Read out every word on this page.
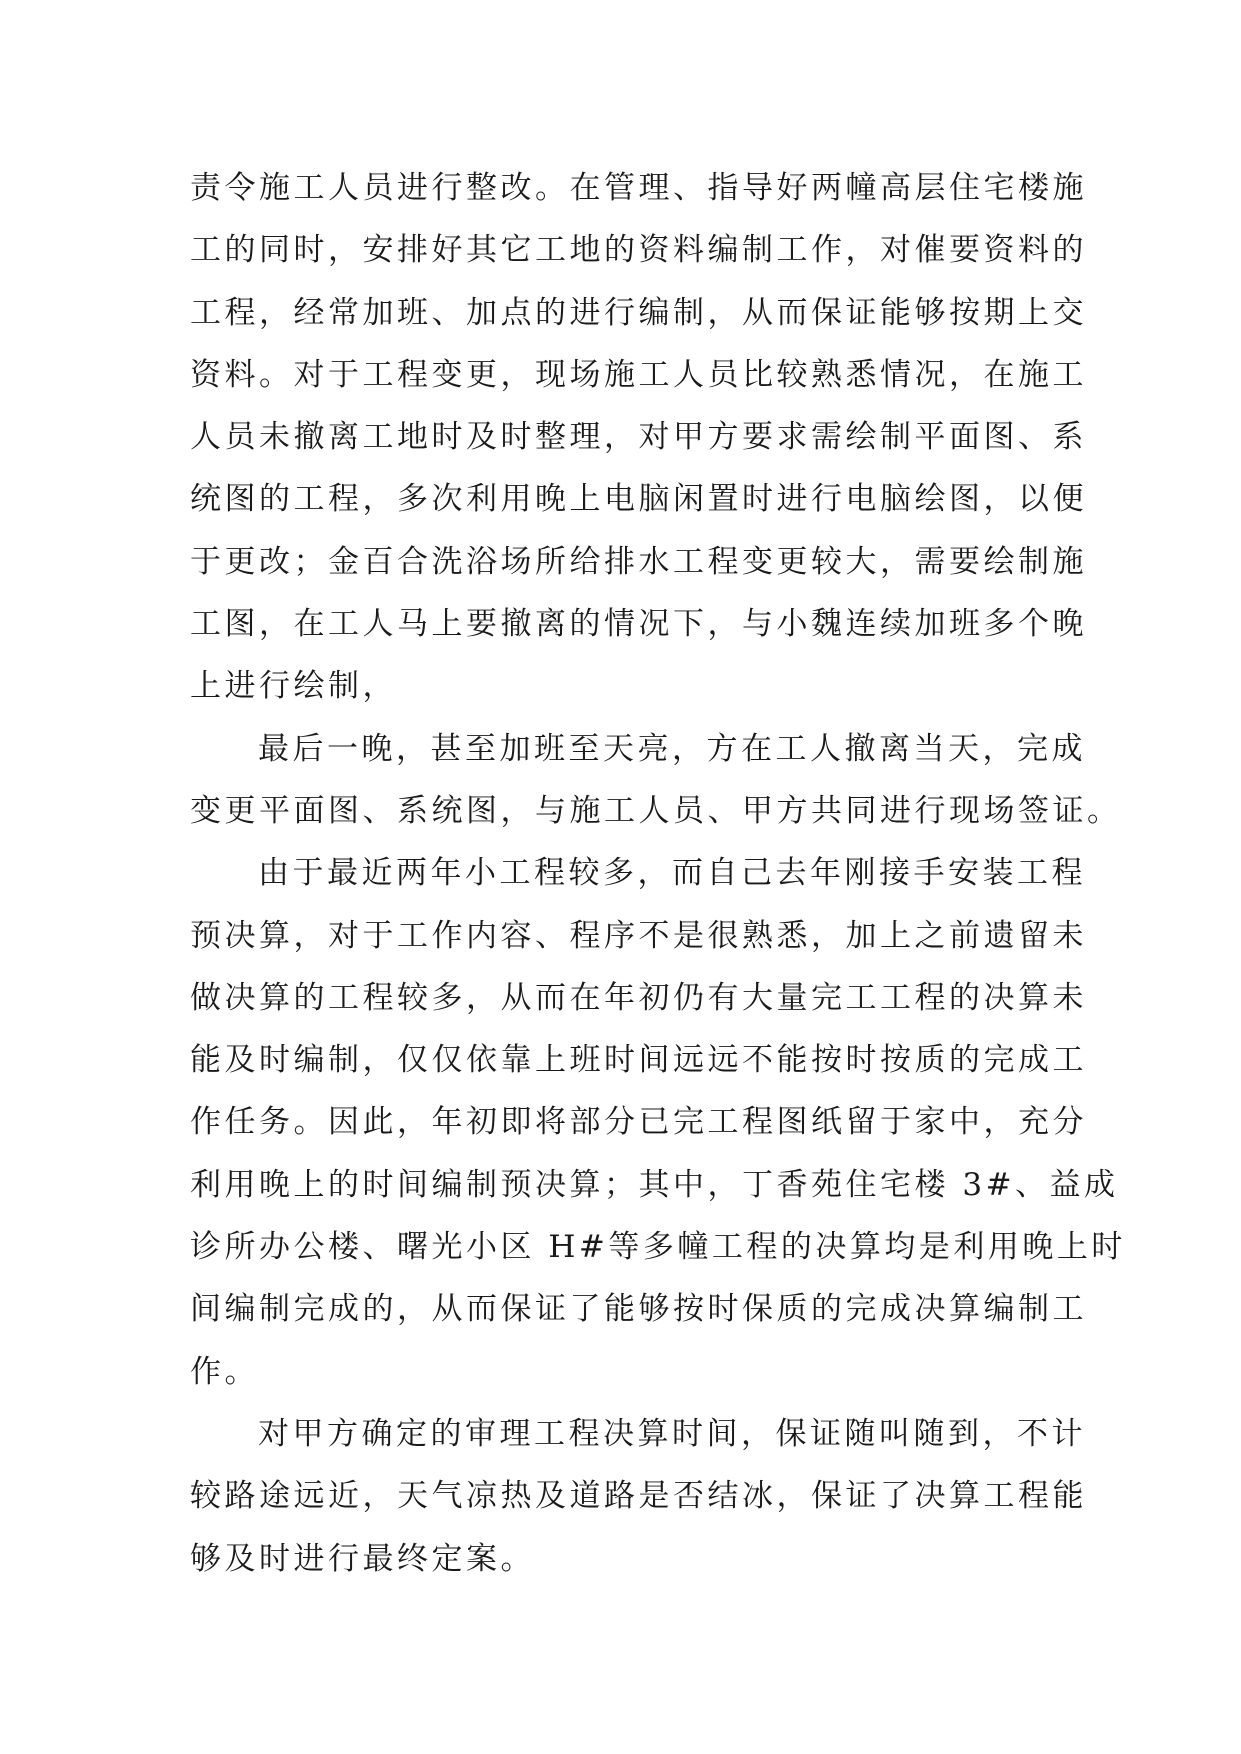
责令施工人员进行整改。在管理、指导好两幢高层住宅楼施
工的同时，安排好其它工地的资料编制工作，对催要资料的
工程，经常加班、加点的进行编制，从而保证能够按期上交
资料。对于工程变更，现场施工人员比较熟悉情况，在施工
人员未撤离工地时及时整理，对甲方要求需绘制平面图、系
统图的工程，多次利用晚上电脑闲置时进行电脑绘图，以便
于更改；金百合洗浴场所给排水工程变更较大，需要绘制施
工图，在工人马上要撤离的情况下，与小魏连续加班多个晚
上进行绘制，
最后一晚，甚至加班至天亮，方在工人撤离当天，完成
变更平面图、系统图，与施工人员、甲方共同进行现场签证。
由于最近两年小工程较多，而自己去年刚接手安装工程
预决算，对于工作内容、程序不是很熟悉，加上之前遗留未
做决算的工程较多，从而在年初仍有大量完工工程的决算未
能及时编制，仅仅依靠上班时间远远不能按时按质的完成工
作任务。因此，年初即将部分已完工程图纸留于家中，充分
利用晚上的时间编制预决算；其中，丁香苑住宅楼 3#、益成
诊所办公楼、曙光小区 H#等多幢工程的决算均是利用晚上时
间编制完成的，从而保证了能够按时保质的完成决算编制工
作。
对甲方确定的审理工程决算时间，保证随叫随到，不计
较路途远近，天气凉热及道路是否结冰，保证了决算工程能
够及时进行最终定案。
